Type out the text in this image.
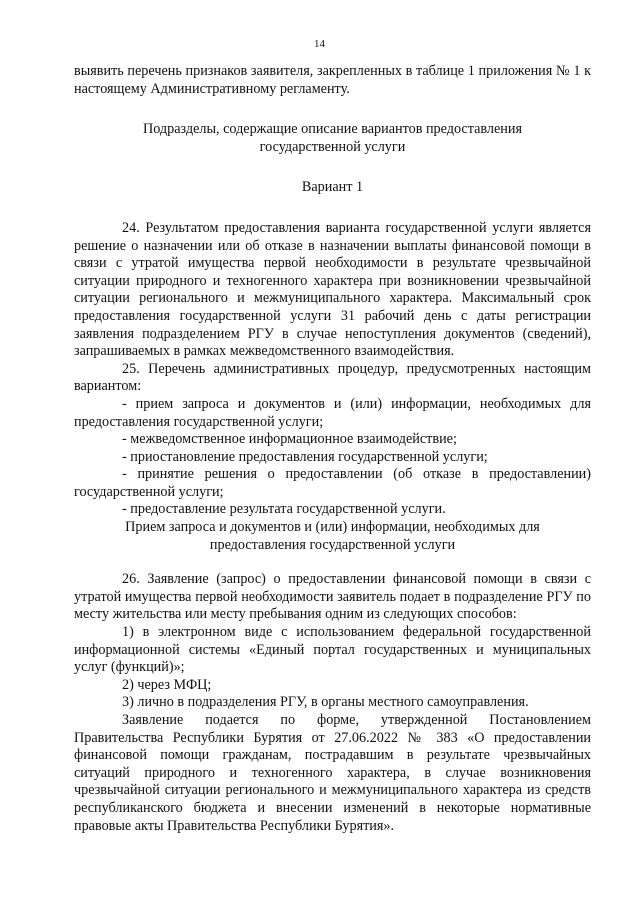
14

выявить перечень признаков заявителя, закрепленных в таблице 1 приложения № 1 к настоящему Административному регламенту.

Подразделы, содержащие описание вариантов предоставления

государственной услуги

Вариант 1

24. Результатом предоставления варианта государственной услуги является решение о назначении или об отказе в назначении выплаты финансовой помощи в связи с утратой имущества первой необходимости в результате чрезвычайной ситуации природного и техногенного характера при возникновении чрезвычайной ситуации регионального и межмуниципального характера. Максимальный срок предоставления государственной услуги 31 рабочий день с даты регистрации заявления подразделением РГУ в случае непоступления документов (сведений), запрашиваемых в рамках межведомственного взаимодействия.

25. Перечень административных процедур, предусмотренных настоящим вариантом:

- прием запроса и документов и (или) информации, необходимых для предоставления государственной услуги;

- межведомственное информационное взаимодействие;

- приостановление предоставления государственной услуги;

- принятие решения о предоставлении (об отказе в предоставлении) государственной услуги;

- предоставление результата государственной услуги.

Прием запроса и документов и (или) информации, необходимых для

предоставления государственной услуги

26. Заявление (запрос) о предоставлении финансовой помощи в связи с утратой имущества первой необходимости заявитель подает в подразделение РГУ по месту жительства или месту пребывания одним из следующих способов:

1) в электронном виде с использованием федеральной государственной информационной системы «Единый портал государственных и муниципальных услуг (функций)»;

2) через МФЦ;

3) лично в подразделения РГУ, в органы местного самоуправления.

Заявление подается по форме, утвержденной Постановлением Правительства Республики Бурятия от 27.06.2022 № 383 «О предоставлении финансовой помощи гражданам, пострадавшим в результате чрезвычайных ситуаций природного и техногенного характера, в случае возникновения чрезвычайной ситуации регионального и межмуниципального характера из средств республиканского бюджета и внесении изменений в некоторые нормативные правовые акты Правительства Республики Бурятия».
